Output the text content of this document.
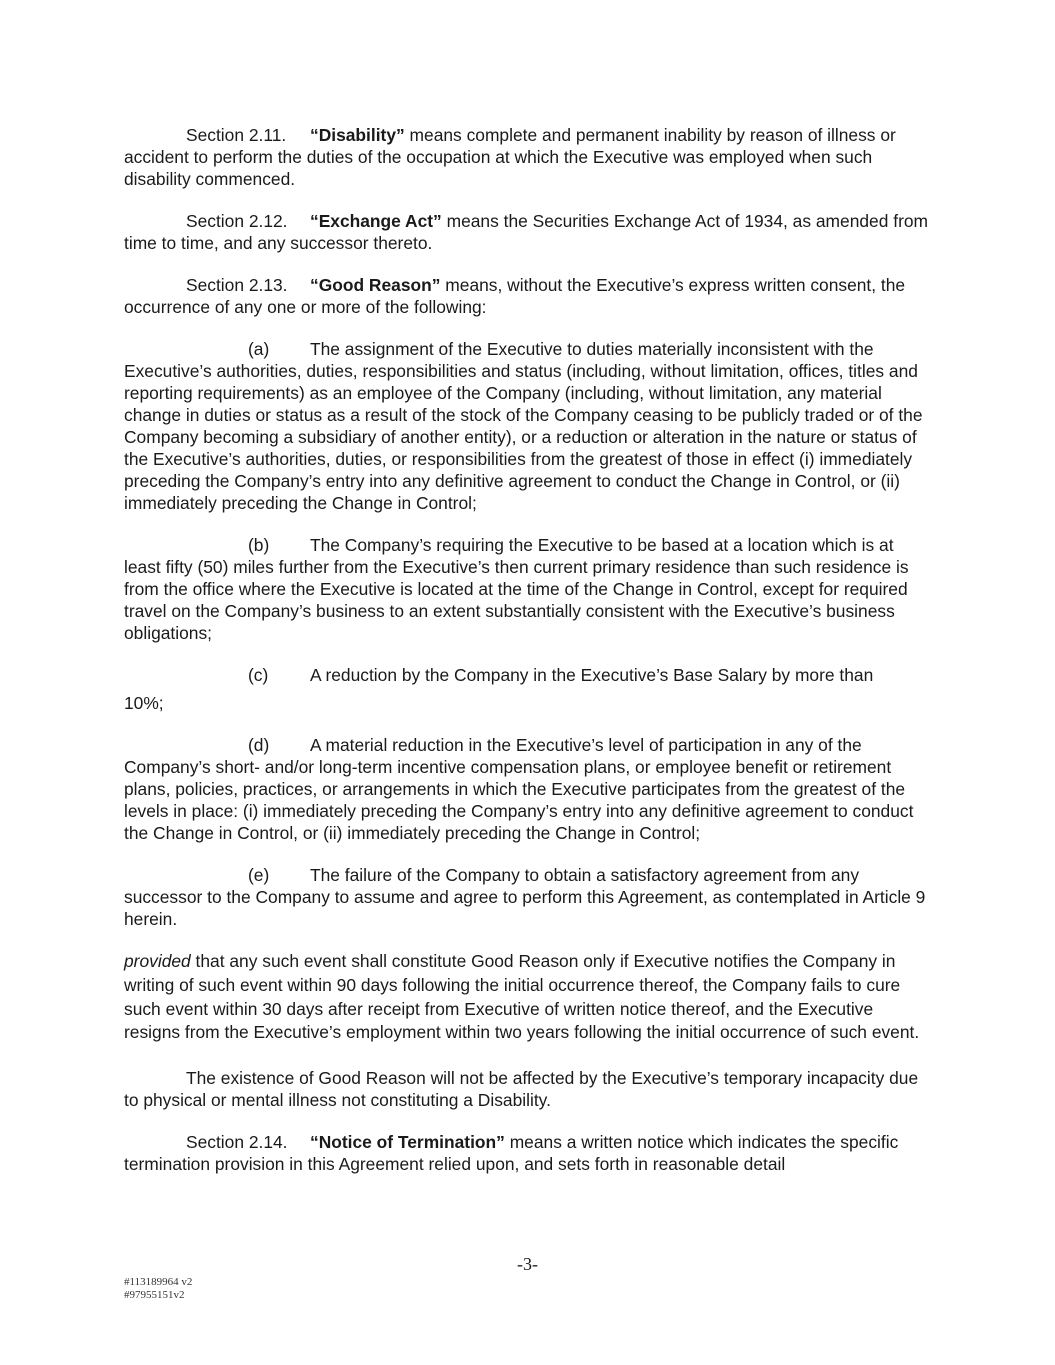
Section 2.11. “Disability” means complete and permanent inability by reason of illness or accident to perform the duties of the occupation at which the Executive was employed when such disability commenced.

Section 2.12. “Exchange Act” means the Securities Exchange Act of 1934, as amended from time to time, and any successor thereto.

Section 2.13. “Good Reason” means, without the Executive’s express written consent, the occurrence of any one or more of the following:

(a) The assignment of the Executive to duties materially inconsistent with the Executive’s authorities, duties, responsibilities and status (including, without limitation, offices, titles and reporting requirements) as an employee of the Company (including, without limitation, any material change in duties or status as a result of the stock of the Company ceasing to be publicly traded or of the Company becoming a subsidiary of another entity), or a reduction or alteration in the nature or status of the Executive’s authorities, duties, or responsibilities from the greatest of those in effect (i) immediately preceding the Company’s entry into any definitive agreement to conduct the Change in Control, or (ii) immediately preceding the Change in Control;

(b) The Company’s requiring the Executive to be based at a location which is at least fifty (50) miles further from the Executive’s then current primary residence than such residence is from the office where the Executive is located at the time of the Change in Control, except for required travel on the Company’s business to an extent substantially consistent with the Executive’s business obligations;

(c) A reduction by the Company in the Executive’s Base Salary by more than
10%;

(d) A material reduction in the Executive’s level of participation in any of the Company’s short- and/or long-term incentive compensation plans, or employee benefit or retirement plans, policies, practices, or arrangements in which the Executive participates from the greatest of the levels in place: (i) immediately preceding the Company’s entry into any definitive agreement to conduct the Change in Control, or (ii) immediately preceding the Change in Control;

(e) The failure of the Company to obtain a satisfactory agreement from any successor to the Company to assume and agree to perform this Agreement, as contemplated in Article 9 herein.

provided that any such event shall constitute Good Reason only if Executive notifies the Company in writing of such event within 90 days following the initial occurrence thereof, the Company fails to cure such event within 30 days after receipt from Executive of written notice thereof, and the Executive resigns from the Executive’s employment within two years following the initial occurrence of such event.

The existence of Good Reason will not be affected by the Executive’s temporary incapacity due to physical or mental illness not constituting a Disability.

Section 2.14. “Notice of Termination” means a written notice which indicates the specific termination provision in this Agreement relied upon, and sets forth in reasonable detail

-3-
#113189964 v2
#97955151v2
